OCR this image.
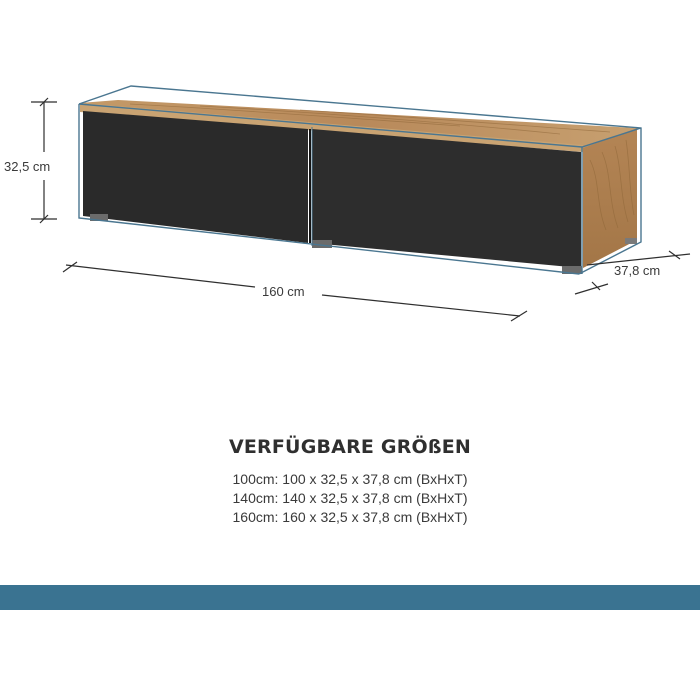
32,5 cm
160 cm
37,8 cm
VERFÜGBARE GRÖßEN
100cm: 100 x 32,5 x 37,8 cm (BxHxT)
140cm: 140 x 32,5 x 37,8 cm (BxHxT)
160cm: 160 x 32,5 x 37,8 cm (BxHxT)
